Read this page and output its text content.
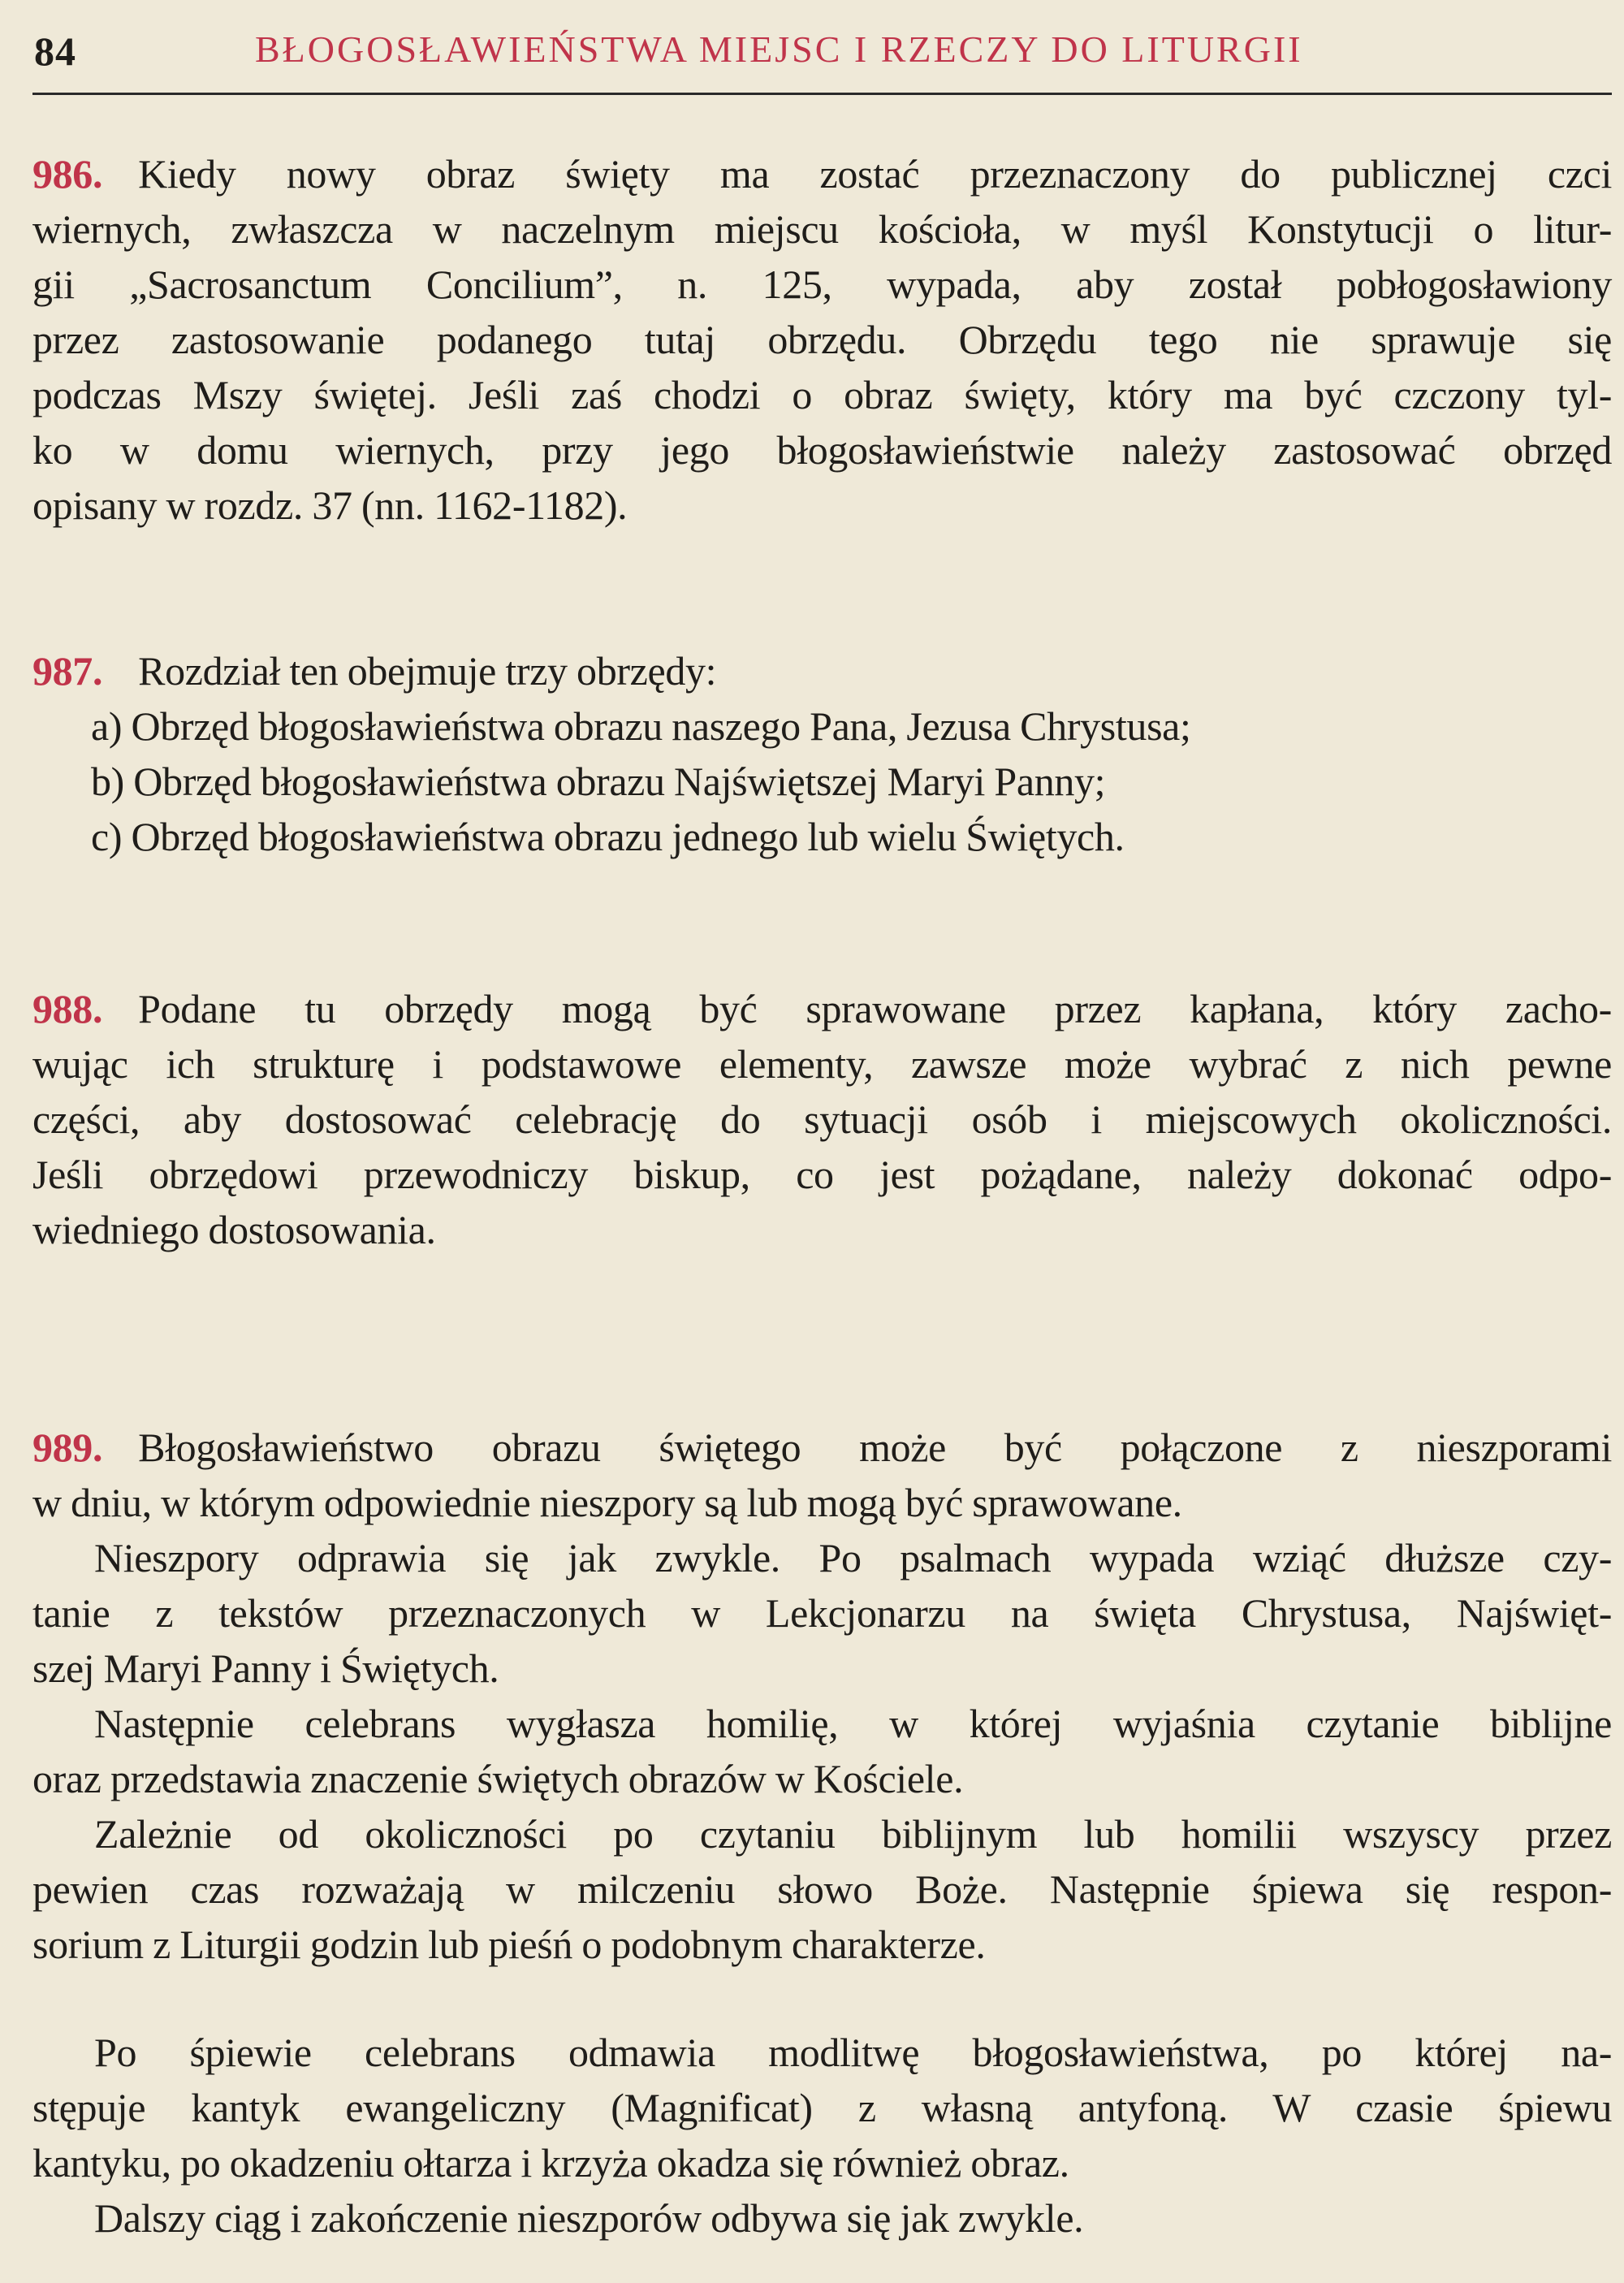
84	BŁOGOSŁAWIEŃSTWA MIEJSC I RZECZY DO LITURGII
986. Kiedy nowy obraz święty ma zostać przeznaczony do publicznej czci
wiernych, zwłaszcza w naczelnym miejscu kościoła, w myśl Konstytucji o litur-
gii „Sacrosanctum Concilium”, n. 125, wypada, aby został pobłogosławiony
przez zastosowanie podanego tutaj obrzędu. Obrzędu tego nie sprawuje się
podczas Mszy świętej. Jeśli zaś chodzi o obraz święty, który ma być czczony tyl-
ko w domu wiernych, przy jego błogosławieństwie należy zastosować obrzęd
opisany w rozdz. 37 (nn. 1162-1182).
987. Rozdział ten obejmuje trzy obrzędy:
a) Obrzęd błogosławieństwa obrazu naszego Pana, Jezusa Chrystusa;
b) Obrzęd błogosławieństwa obrazu Najświętszej Maryi Panny;
c) Obrzęd błogosławieństwa obrazu jednego lub wielu Świętych.
988. Podane tu obrzędy mogą być sprawowane przez kapłana, który zacho-
wując ich strukturę i podstawowe elementy, zawsze może wybrać z nich pewne
części, aby dostosować celebrację do sytuacji osób i miejscowych okoliczności.
Jeśli obrzędowi przewodniczy biskup, co jest pożądane, należy dokonać odpo-
wiedniego dostosowania.
989. Błogosławieństwo obrazu świętego może być połączone z nieszporami
w dniu, w którym odpowiednie nieszpory są lub mogą być sprawowane.
Nieszpory odprawia się jak zwykle. Po psalmach wypada wziąć dłuższe czy-
tanie z tekstów przeznaczonych w Lekcjonarzu na święta Chrystusa, Najświęt-
szej Maryi Panny i Świętych.
Następnie celebrans wygłasza homilię, w której wyjaśnia czytanie biblijne
oraz przedstawia znaczenie świętych obrazów w Kościele.
Zależnie od okoliczności po czytaniu biblijnym lub homilii wszyscy przez
pewien czas rozważają w milczeniu słowo Boże. Następnie śpiewa się respon-
sorium z Liturgii godzin lub pieśń o podobnym charakterze.
Po śpiewie celebrans odmawia modlitwę błogosławieństwa, po której na-
stępuje kantyk ewangeliczny (Magnificat) z własną antyfoną. W czasie śpiewu
kantyku, po okadzeniu ołtarza i krzyża okadza się również obraz.
Dalszy ciąg i zakończenie nieszporów odbywa się jak zwykle.
